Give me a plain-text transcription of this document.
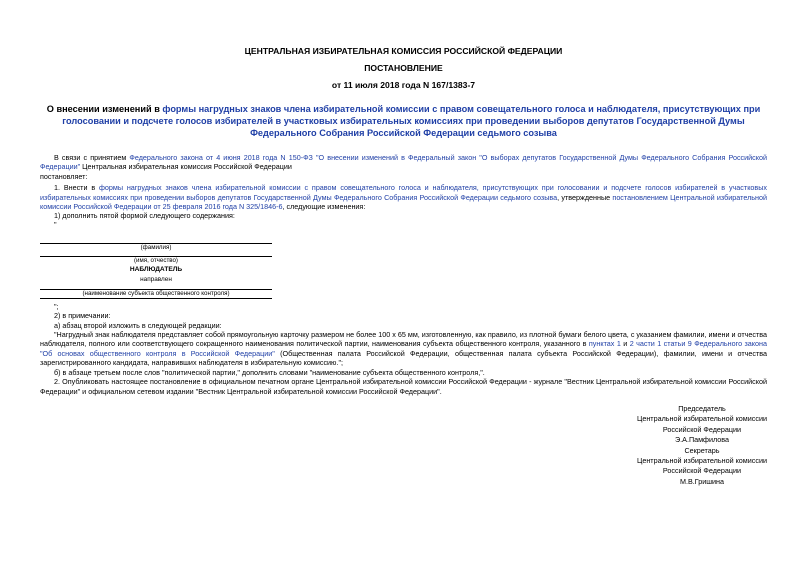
ЦЕНТРАЛЬНАЯ ИЗБИРАТЕЛЬНАЯ КОМИССИЯ РОССИЙСКОЙ ФЕДЕРАЦИИ
ПОСТАНОВЛЕНИЕ
от 11 июля 2018 года N 167/1383-7
О внесении изменений в формы нагрудных знаков члена избирательной комиссии с правом совещательного голоса и наблюдателя, присутствующих при голосовании и подсчете голосов избирателей в участковых избирательных комиссиях при проведении выборов депутатов Государственной Думы Федерального Собрания Российской Федерации седьмого созыва

В связи с принятием Федерального закона от 4 июня 2018 года N 150-ФЗ "О внесении изменений в Федеральный закон "О выборах депутатов Государственной Думы Федерального Собрания Российской Федерации" Центральная избирательная комиссия Российской Федерации

постановляет:

1. Внести в формы нагрудных знаков члена избирательной комиссии с правом совещательного голоса и наблюдателя, присутствующих при голосовании и подсчете голосов избирателей в участковых избирательных комиссиях при проведении выборов депутатов Государственной Думы Федерального Собрания Российской Федерации седьмого созыва, утвержденные постановлением Центральной избирательной комиссии Российской Федерации от 25 февраля 2016 года N 325/1846-6, следующие изменения:

1) дополнить пятой формой следующего содержания:

"

(фамилия)
(имя, отчество)
НАБЛЮДАТЕЛЬ
направлен
(наименование субъекта общественного контроля)

";

2) в примечании:

а) абзац второй изложить в следующей редакции:

"Нагрудный знак наблюдателя представляет собой прямоугольную карточку размером не более 100 x 65 мм, изготовленную, как правило, из плотной бумаги белого цвета, с указанием фамилии, имени и отчества наблюдателя, полного или соответствующего сокращенного наименования политической партии, наименования субъекта общественного контроля, указанного в пунктах 1 и 2 части 1 статьи 9 Федерального закона "Об основах общественного контроля в Российской Федерации" (Общественная палата Российской Федерации, общественная палата субъекта Российской Федерации), фамилии, имени и отчества зарегистрированного кандидата, направивших наблюдателя в избирательную комиссию.";

б) в абзаце третьем после слов "политической партии," дополнить словами "наименование субъекта общественного контроля,".

2. Опубликовать настоящее постановление в официальном печатном органе Центральной избирательной комиссии Российской Федерации - журнале "Вестник Центральной избирательной комиссии Российской Федерации" и официальном сетевом издании "Вестник Центральной избирательной комиссии Российской Федерации".

Председатель
Центральной избирательной комиссии
Российской Федерации
Э.А.Памфилова
Секретарь
Центральной избирательной комиссии
Российской Федерации
М.В.Гришина
